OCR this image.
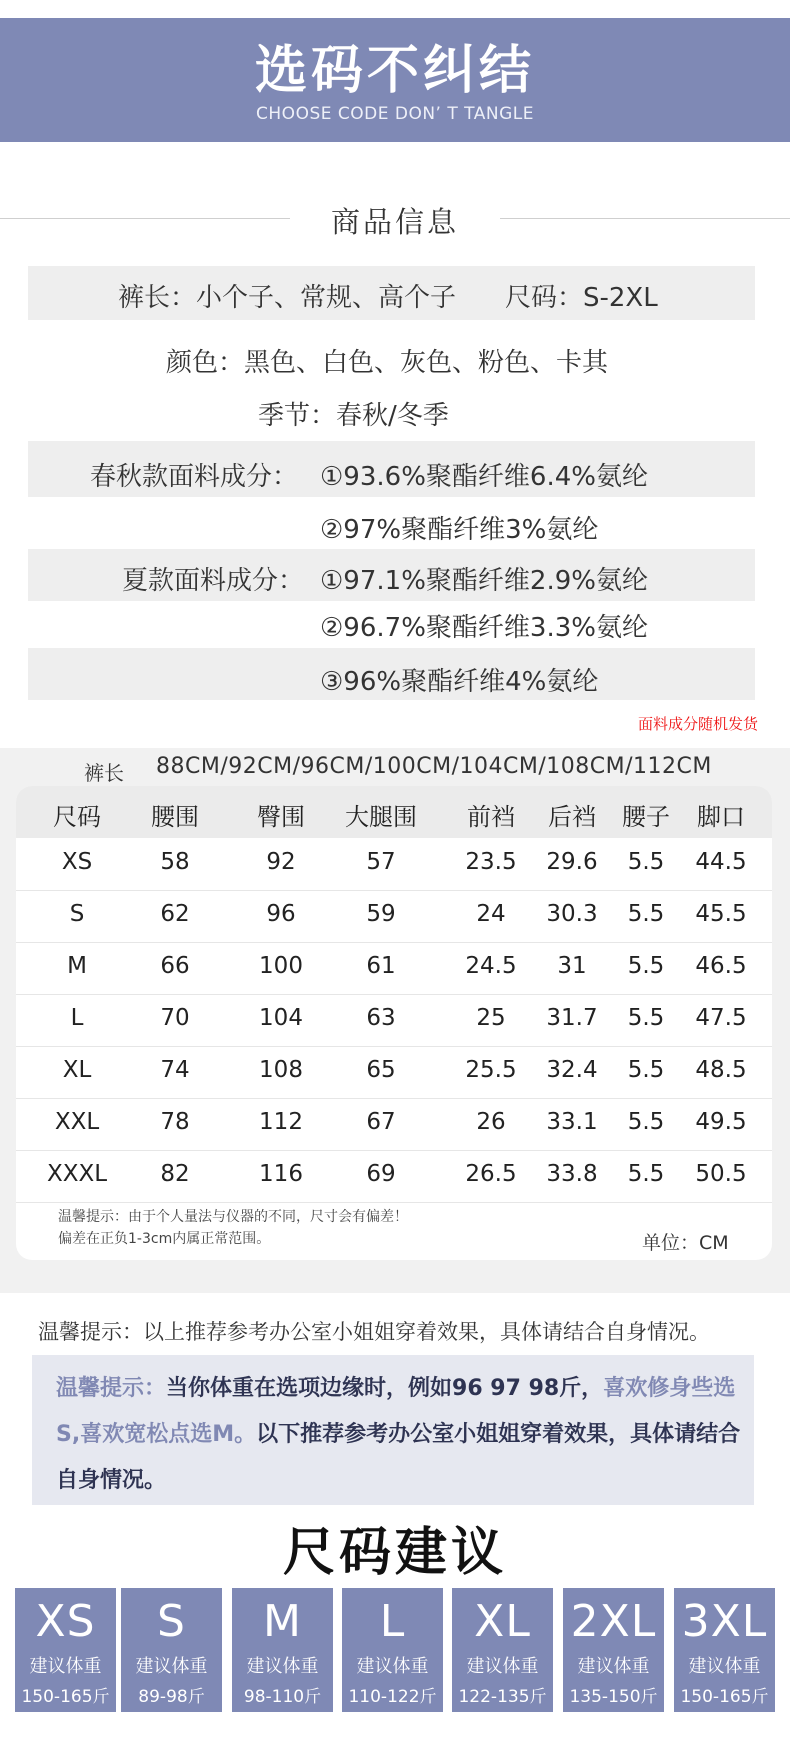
选码不纠结
CHOOSE CODE DON’ T TANGLE
商品信息
裤长：小个子、常规、高个子 尺码：S-2XL
颜色：黑色、白色、灰色、粉色、卡其
季节：春秋/冬季
春秋款面料成分： ①93.6%聚酯纤维6.4%氨纶
②97%聚酯纤维3%氨纶
夏款面料成分： ①97.1%聚酯纤维2.9%氨纶
②96.7%聚酯纤维3.3%氨纶
③96%聚酯纤维4%氨纶
面料成分随机发货
裤长 88CM/92CM/96CM/100CM/104CM/108CM/112CM
尺码	腰围	臀围	大腿围	前裆	后裆	腰子	脚口
XS	58	92	57	23.5	29.6	5.5	44.5
S	62	96	59	24	30.3	5.5	45.5
M	66	100	61	24.5	31	5.5	46.5
L	70	104	63	25	31.7	5.5	47.5
XL	74	108	65	25.5	32.4	5.5	48.5
XXL	78	112	67	26	33.1	5.5	49.5
XXXL	82	116	69	26.5	33.8	5.5	50.5
温馨提示：由于个人量法与仪器的不同，尺寸会有偏差！
偏差在正负1-3cm内属正常范围。	单位：CM
温馨提示：以上推荐参考办公室小姐姐穿着效果，具体请结合自身情况。
温馨提示：当你体重在选项边缘时，例如96 97 98斤，喜欢修身些选S,喜欢宽松点选M。以下推荐参考办公室小姐姐穿着效果，具体请结合自身情况。
尺码建议
XS
建议体重
150-165斤
S
建议体重
89-98斤
M
建议体重
98-110斤
L
建议体重
110-122斤
XL
建议体重
122-135斤
2XL
建议体重
135-150斤
3XL
建议体重
150-165斤
